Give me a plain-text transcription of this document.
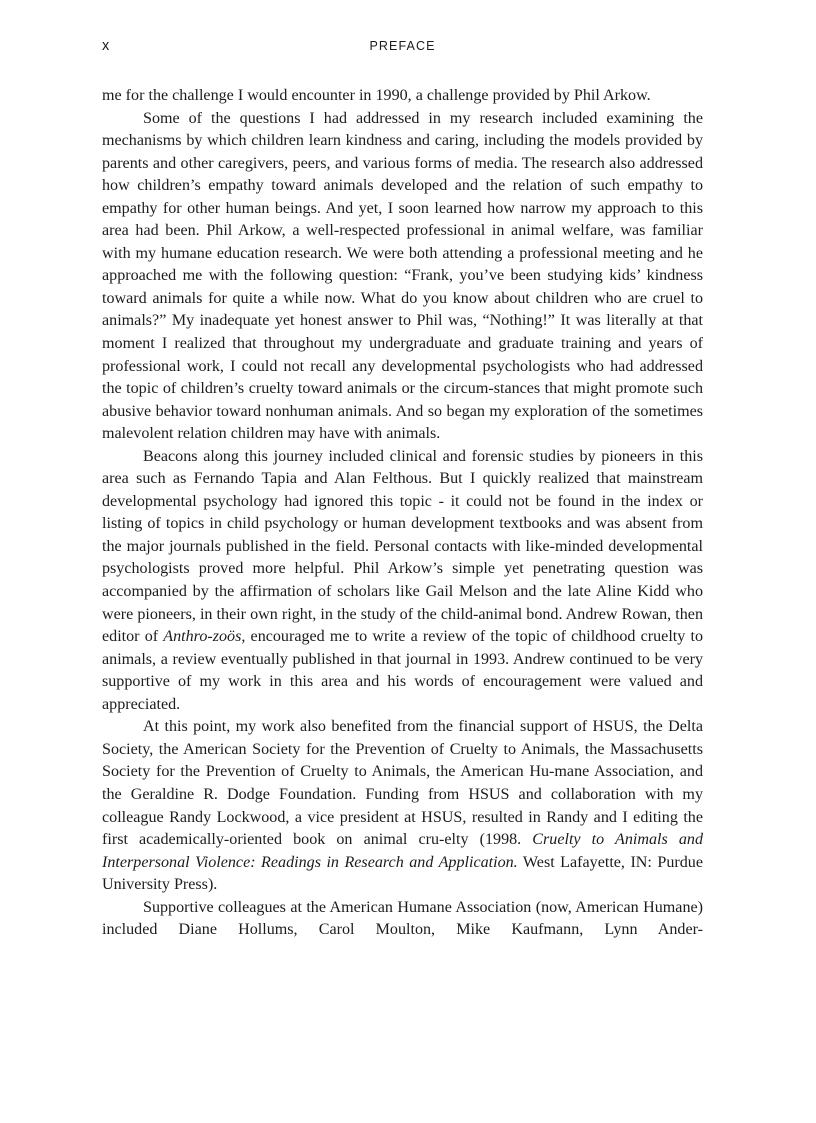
x	PREFACE

me for the challenge I would encounter in 1990, a challenge provided by Phil Arkow.

Some of the questions I had addressed in my research included examining the mechanisms by which children learn kindness and caring, including the models provided by parents and other caregivers, peers, and various forms of media. The research also addressed how children’s empathy toward animals developed and the relation of such empathy to empathy for other human beings. And yet, I soon learned how narrow my approach to this area had been. Phil Arkow, a well-respected professional in animal welfare, was familiar with my humane education research. We were both attending a professional meeting and he approached me with the following question: “Frank, you’ve been studying kids’ kindness toward animals for quite a while now. What do you know about children who are cruel to animals?” My inadequate yet honest answer to Phil was, “Nothing!” It was literally at that moment I realized that throughout my undergraduate and graduate training and years of professional work, I could not recall any developmental psychologists who had addressed the topic of children’s cruelty toward animals or the circum-stances that might promote such abusive behavior toward nonhuman animals. And so began my exploration of the sometimes malevolent relation children may have with animals.

Beacons along this journey included clinical and forensic studies by pioneers in this area such as Fernando Tapia and Alan Felthous. But I quickly realized that mainstream developmental psychology had ignored this topic - it could not be found in the index or listing of topics in child psychology or human development textbooks and was absent from the major journals published in the field. Personal contacts with like-minded developmental psychologists proved more helpful. Phil Arkow’s simple yet penetrating question was accompanied by the affirmation of scholars like Gail Melson and the late Aline Kidd who were pioneers, in their own right, in the study of the child-animal bond. Andrew Rowan, then editor of Anthro-zoös, encouraged me to write a review of the topic of childhood cruelty to animals, a review eventually published in that journal in 1993. Andrew continued to be very supportive of my work in this area and his words of encouragement were valued and appreciated.

At this point, my work also benefited from the financial support of HSUS, the Delta Society, the American Society for the Prevention of Cruelty to Animals, the Massachusetts Society for the Prevention of Cruelty to Animals, the American Hu-mane Association, and the Geraldine R. Dodge Foundation. Funding from HSUS and collaboration with my colleague Randy Lockwood, a vice president at HSUS, resulted in Randy and I editing the first academically-oriented book on animal cru-elty (1998. Cruelty to Animals and Interpersonal Violence: Readings in Research and Application. West Lafayette, IN: Purdue University Press).

Supportive colleagues at the American Humane Association (now, American Humane) included Diane Hollums, Carol Moulton, Mike Kaufmann, Lynn Ander-
